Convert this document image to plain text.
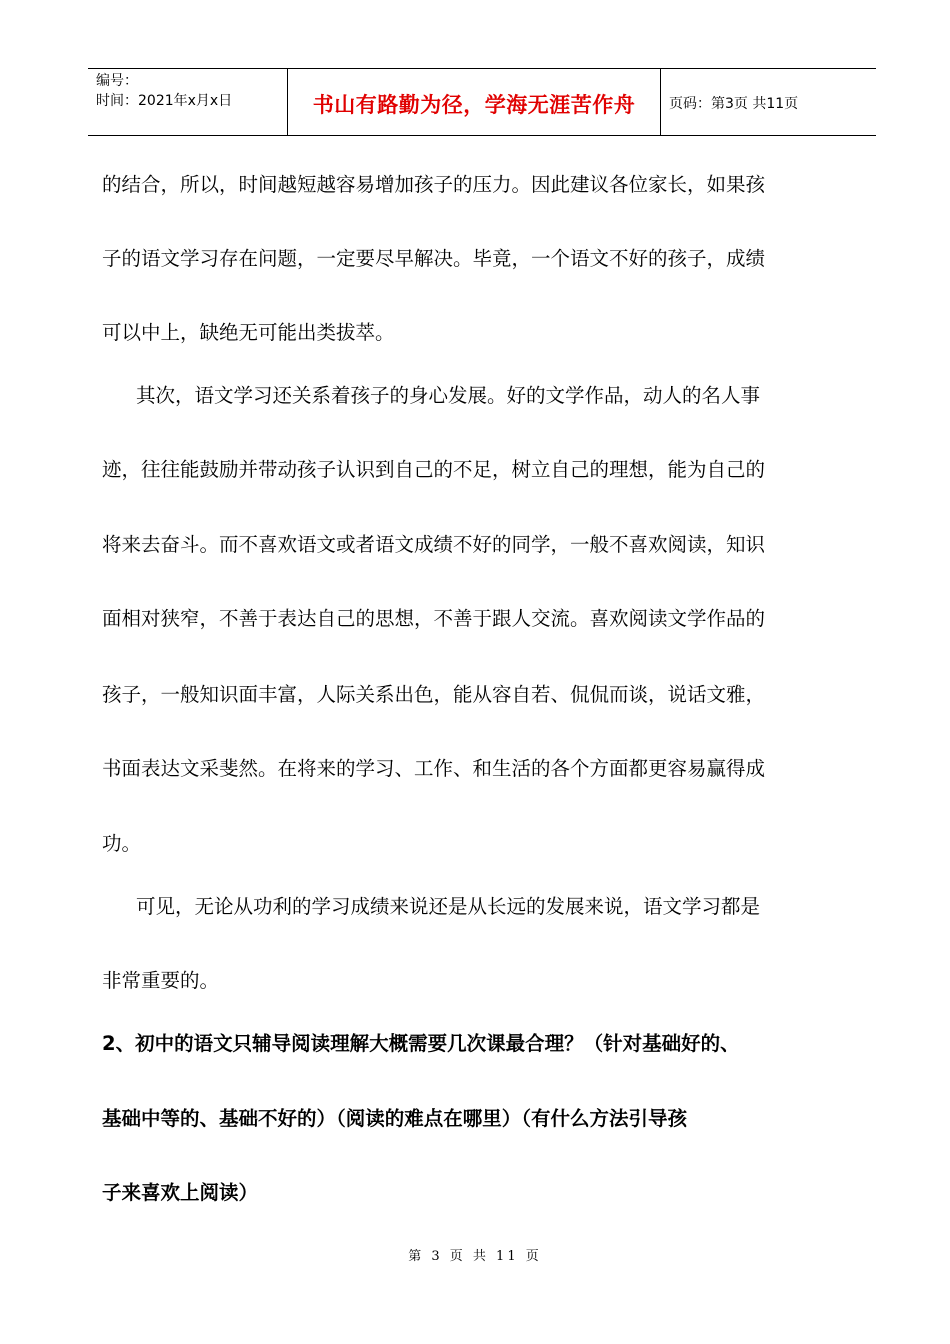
编号：
时间：2021年x月x日	书山有路勤为径，学海无涯苦作舟	页码：第3页 共11页
的结合，所以，时间越短越容易增加孩子的压力。因此建议各位家长，如果孩
子的语文学习存在问题，一定要尽早解决。毕竟，一个语文不好的孩子，成绩
可以中上，缺绝无可能出类拔萃。
其次，语文学习还关系着孩子的身心发展。好的文学作品，动人的名人事
迹，往往能鼓励并带动孩子认识到自己的不足，树立自己的理想，能为自己的
将来去奋斗。而不喜欢语文或者语文成绩不好的同学，一般不喜欢阅读，知识
面相对狭窄，不善于表达自己的思想，不善于跟人交流。喜欢阅读文学作品的
孩子，一般知识面丰富，人际关系出色，能从容自若、侃侃而谈，说话文雅，
书面表达文采斐然。在将来的学习、工作、和生活的各个方面都更容易赢得成
功。
可见，无论从功利的学习成绩来说还是从长远的发展来说，语文学习都是
非常重要的。
2、初中的语文只辅导阅读理解大概需要几次课最合理？（针对基础好的、
基础中等的、基础不好的）（阅读的难点在哪里）（有什么方法引导孩
子来喜欢上阅读）
第 3 页 共 11 页
